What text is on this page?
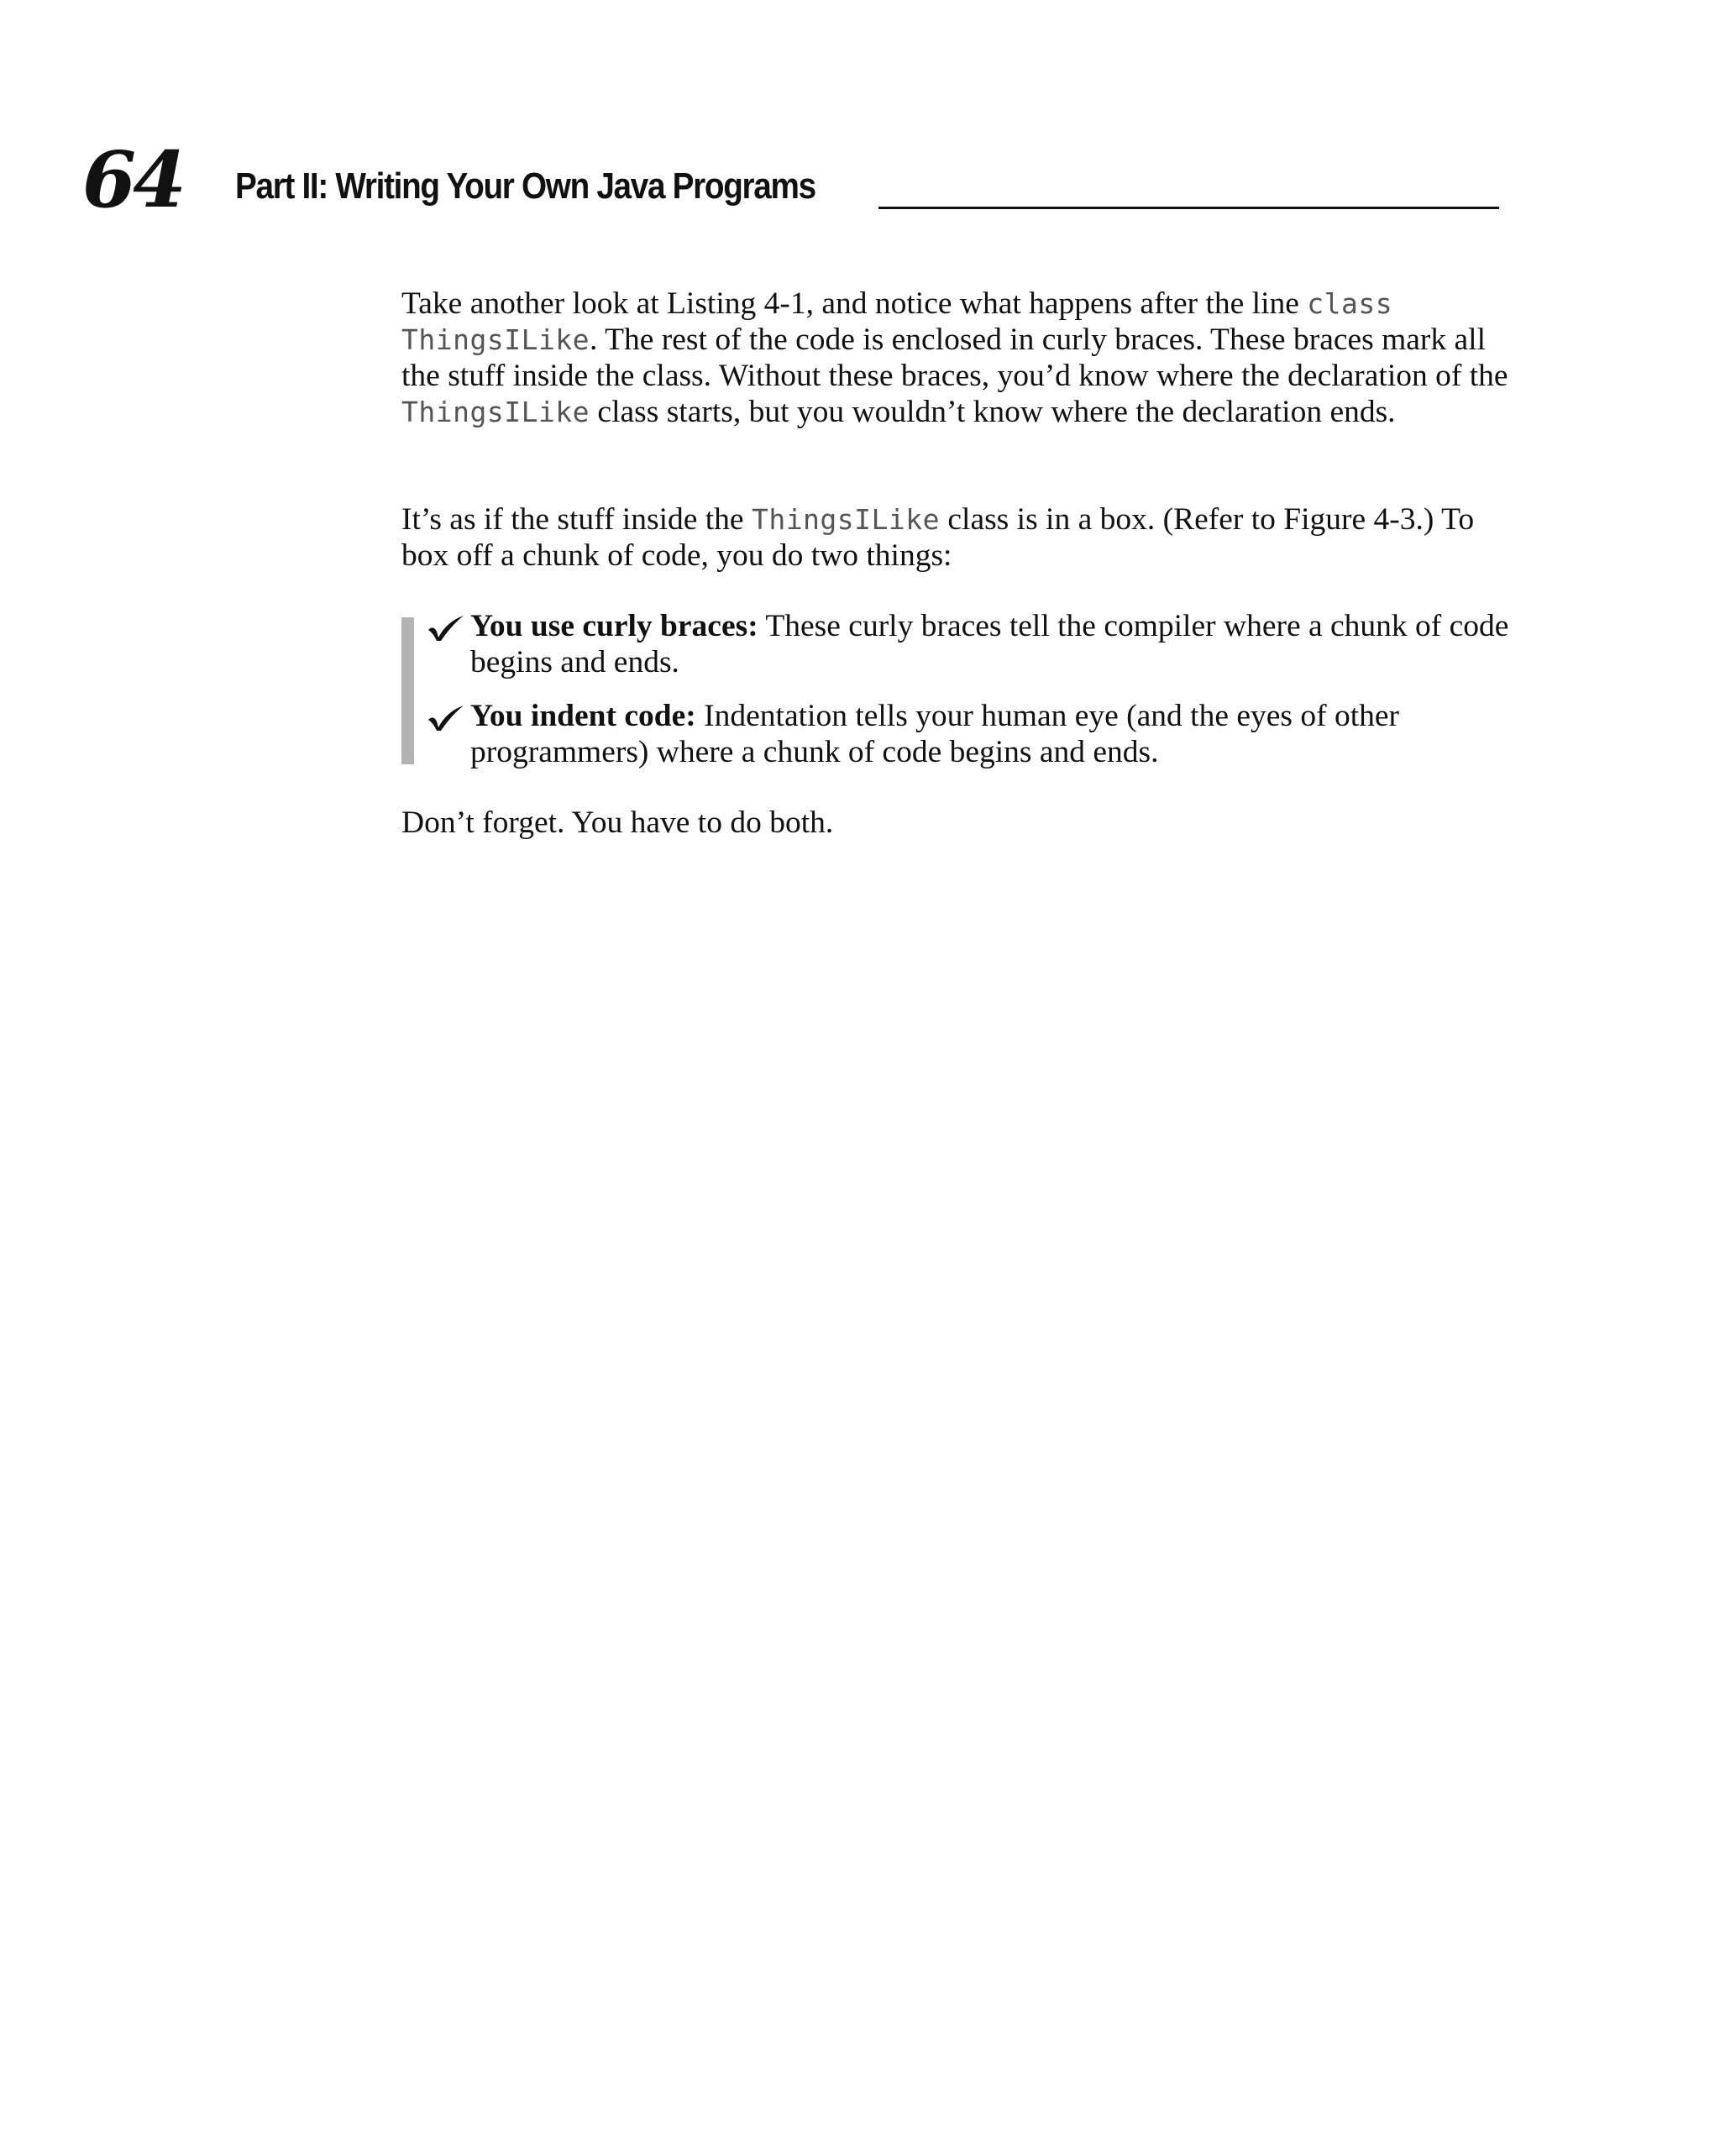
64 Part II: Writing Your Own Java Programs

Take another look at Listing 4-1, and notice what happens after the line class ThingsILike. The rest of the code is enclosed in curly braces. These braces mark all the stuff inside the class. Without these braces, you’d know where the declaration of the ThingsILike class starts, but you wouldn’t know where the declaration ends.

It’s as if the stuff inside the ThingsILike class is in a box. (Refer to Figure 4-3.) To box off a chunk of code, you do two things:

You use curly braces: These curly braces tell the compiler where a chunk of code begins and ends.
You indent code: Indentation tells your human eye (and the eyes of other programmers) where a chunk of code begins and ends.

Don’t forget. You have to do both.
